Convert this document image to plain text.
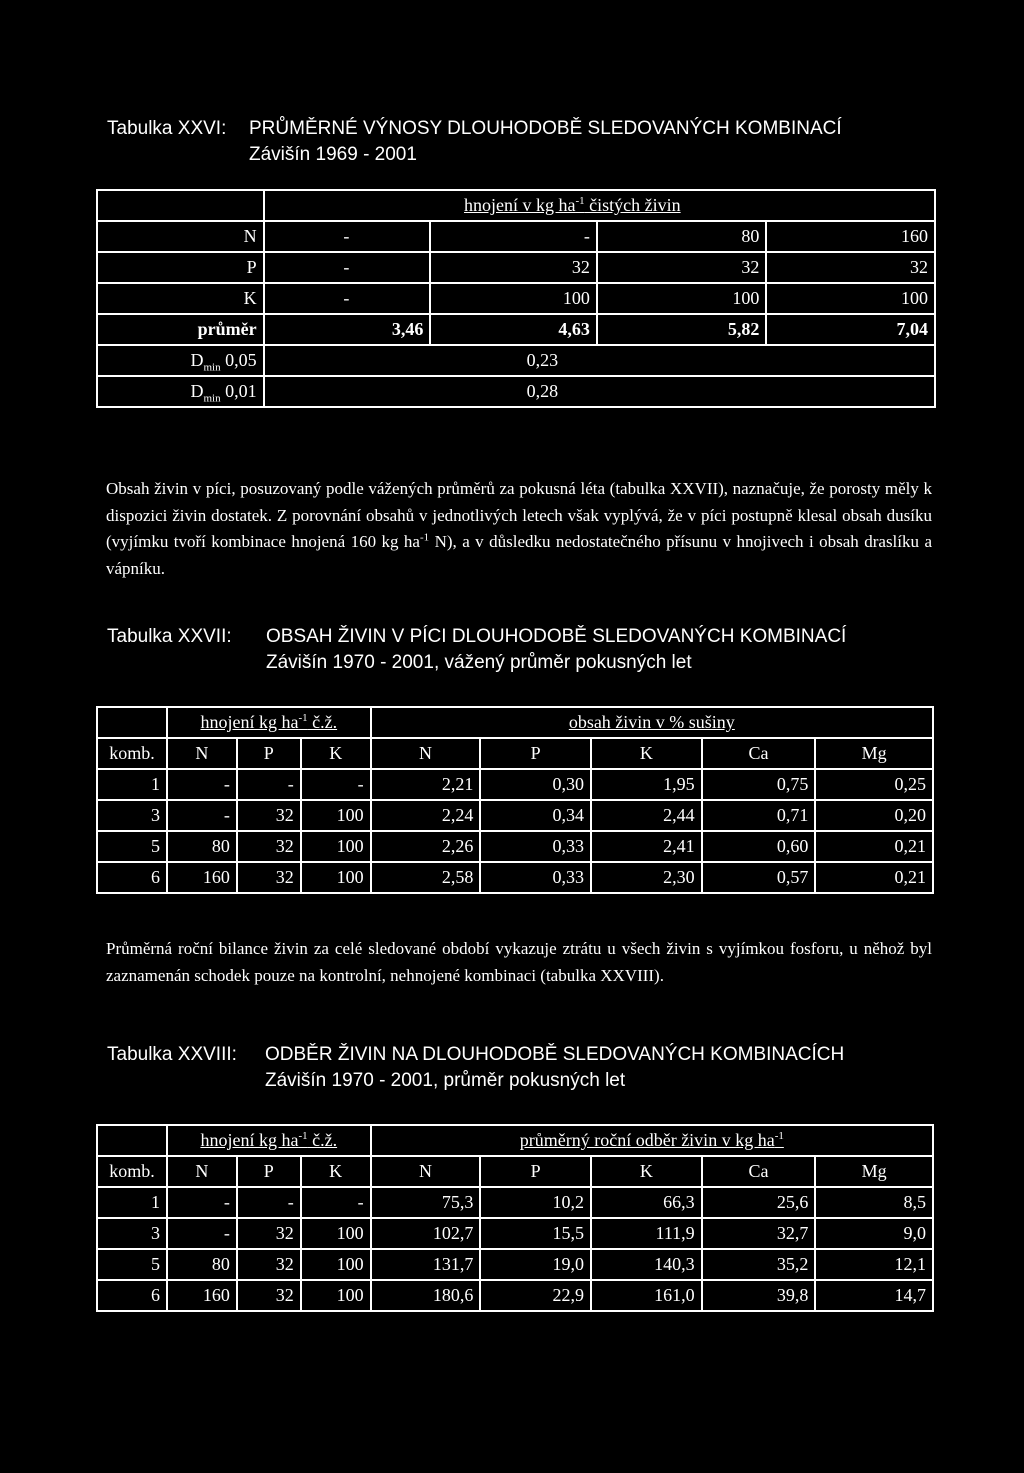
Tabulka XXVI: PRŮMĚRNÉ VÝNOSY DLOUHODOBĚ SLEDOVANÝCH KOMBINACÍ
Závišín 1969 - 2001
	hnojení v kg $ha^{-1}$ čistých živin			
N	-	-	80	160
P	-	32	32	32
K	-	100	100	100
průměr	3,46	4,63	5,82	7,04
$D_{min}$ 0,05	0,23			
$D_{min}$ 0,01	0,28			
Obsah živin v píci, posuzovaný podle vážených průměrů za pokusná léta (tabulka XXVII), naznačuje, že porosty měly k dispozici živin dostatek. Z porovnání obsahů v jednotlivých letech však vyplývá, že v píci postupně klesal obsah dusíku (vyjímku tvoří kombinace hnojená 160 kg $ha^{-1}$ N), a v důsledku nedostatečného přísunu v hnojivech i obsah draslíku a vápníku.
Tabulka XXVII: OBSAH ŽIVIN V PÍCI DLOUHODOBĚ SLEDOVANÝCH KOMBINACÍ
Závišín 1970 - 2001, vážený průměr pokusných let
	hnojení kg $ha^{-1}$ č.ž.			obsah živin v % sušiny				
komb.	N	P	K	N	P	K	Ca	Mg
1	-	-	-	2,21	0,30	1,95	0,75	0,25
3	-	32	100	2,24	0,34	2,44	0,71	0,20
5	80	32	100	2,26	0,33	2,41	0,60	0,21
6	160	32	100	2,58	0,33	2,30	0,57	0,21
Průměrná roční bilance živin za celé sledované období vykazuje ztrátu u všech živin s vyjímkou fosforu, u něhož byl zaznamenán schodek pouze na kontrolní, nehnojené kombinaci (tabulka XXVIII).
Tabulka XXVIII: ODBĚR ŽIVIN NA DLOUHODOBĚ SLEDOVANÝCH KOMBINACÍCH
Závišín 1970 - 2001, průměr pokusných let
	hnojení kg $ha^{-1}$ č.ž.			průměrný roční odběr živin v kg $ha^{-1}$
komb.	N	P	K	N	P	K	Ca	Mg
1	-	-	-	75,3	10,2	66,3	25,6	8,5
3	-	32	100	102,7	15,5	111,9	32,7	9,0
5	80	32	100	131,7	19,0	140,3	35,2	12,1
6	160	32	100	180,6	22,9	161,0	39,8	14,7
